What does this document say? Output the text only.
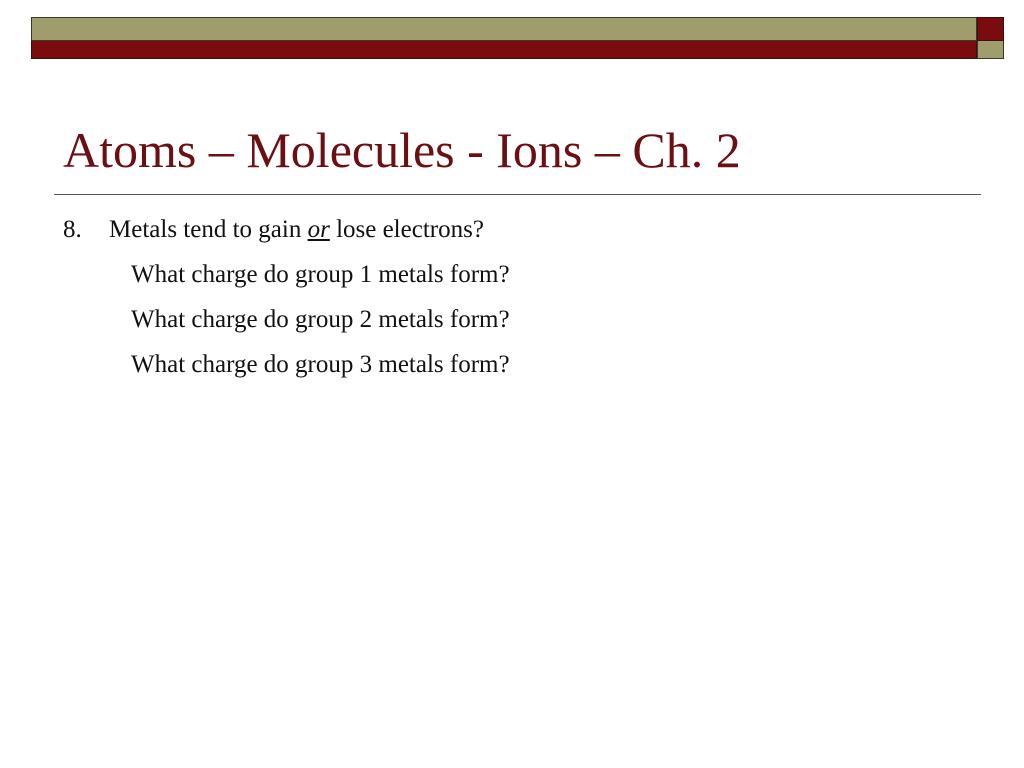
Atoms – Molecules - Ions – Ch. 2
8. Metals tend to gain or lose electrons?
What charge do group 1 metals form?
What charge do group 2 metals form?
What charge do group 3 metals form?
